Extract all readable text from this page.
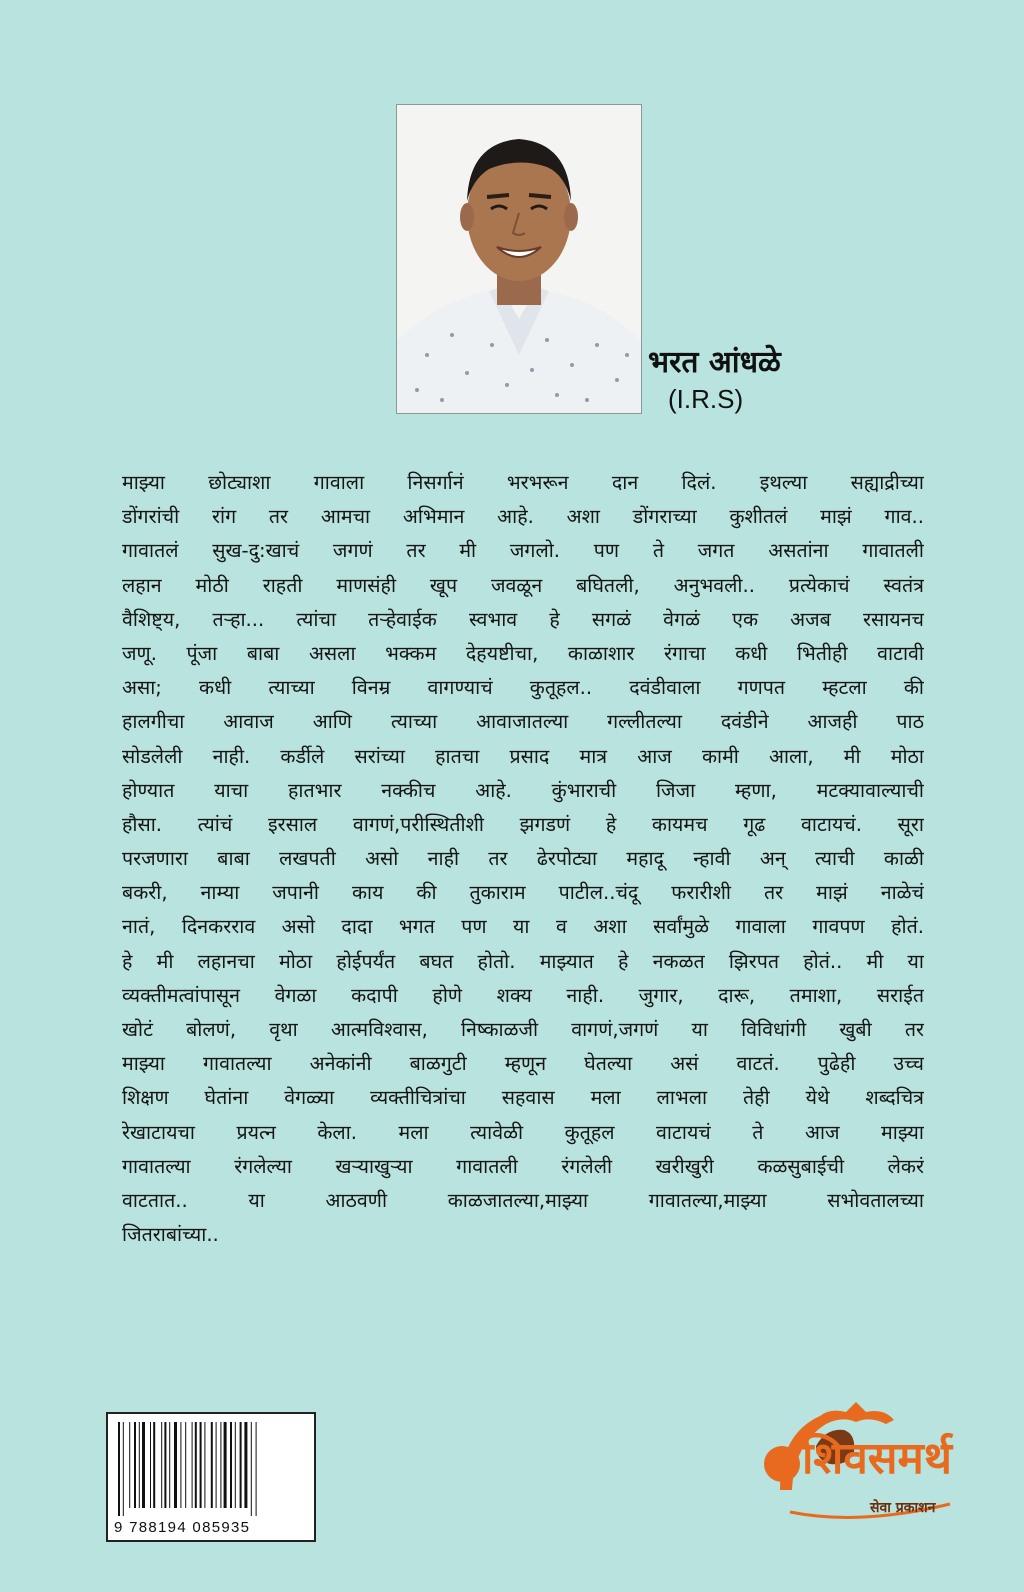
भरत आंधळे
(I.R.S)
माझ्या छोट्याशा गावाला निसर्गानं भरभरून दान दिलं. इथल्या सह्याद्रीच्या
डोंगरांची रांग तर आमचा अभिमान आहे. अशा डोंगराच्या कुशीतलं माझं गाव..
गावातलं सुख-दु:खाचं जगणं तर मी जगलो. पण ते जगत असतांना गावातली
लहान मोठी राहती माणसंही खूप जवळून बघितली, अनुभवली.. प्रत्येकाचं स्वतंत्र
वैशिष्ट्य, तऱ्हा... त्यांचा तऱ्हेवाईक स्वभाव हे सगळं वेगळं एक अजब रसायनच
जणू. पूंजा बाबा असला भक्कम देहयष्टीचा, काळाशार रंगाचा कधी भितीही वाटावी
असा; कधी त्याच्या विनम्र वागण्याचं कुतूहल.. दवंडीवाला गणपत म्हटला की
हालगीचा आवाज आणि त्याच्या आवाजातल्या गल्लीतल्या दवंडीने आजही पाठ
सोडलेली नाही. कर्डीले सरांच्या हातचा प्रसाद मात्र आज कामी आला, मी मोठा
होण्यात याचा हातभार नक्कीच आहे. कुंभाराची जिजा म्हणा, मटक्यावाल्याची
हौसा. त्यांचं इरसाल वागणं,परीस्थितीशी झगडणं हे कायमच गूढ वाटायचं. सूरा
परजणारा बाबा लखपती असो नाही तर ढेरपोट्या महादू न्हावी अन् त्याची काळी
बकरी, नाम्या जपानी काय की तुकाराम पाटील..चंदू फरारीशी तर माझं नाळेचं
नातं, दिनकरराव असो दादा भगत पण या व अशा सर्वांमुळे गावाला गावपण होतं.
हे मी लहानचा मोठा होईपर्यंत बघत होतो. माझ्यात हे नकळत झिरपत होतं.. मी या
व्यक्तीमत्वांपासून वेगळा कदापी होणे शक्य नाही. जुगार, दारू, तमाशा, सराईत
खोटं बोलणं, वृथा आत्मविश्वास, निष्काळजी वागणं,जगणं या विविधांगी खुबी तर
माझ्या गावातल्या अनेकांनी बाळगुटी म्हणून घेतल्या असं वाटतं. पुढेही उच्च
शिक्षण घेतांना वेगळ्या व्यक्तीचित्रांचा सहवास मला लाभला तेही येथे शब्दचित्र
रेखाटायचा प्रयत्न केला. मला त्यावेळी कुतूहल वाटायचं ते आज माझ्या
गावातल्या रंगलेल्या खऱ्याखुऱ्या गावातली रंगलेली खरीखुरी कळसुबाईची लेकरं
वाटतात.. या आठवणी काळजातल्या,माझ्या गावातल्या,माझ्या सभोवतालच्या
जितराबांच्या..
9 788194 085935
शिवसमर्थ
सेवा प्रकाशन
